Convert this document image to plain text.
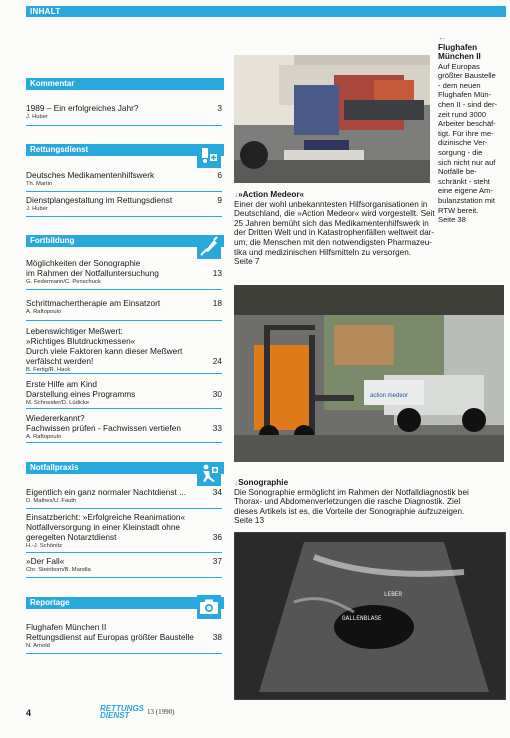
INHALT
Kommentar
1989 – Ein erfolgreiches Jahr?
J. Huber
3
Rettungsdienst
Deutsches Medikamentenhilfswerk
Th. Martin
6
Dienstplangestaltung im Rettungsdienst
J. Huber
9
Fortbildung
Möglichkeiten der Sonographie
im Rahmen der Notfalluntersuchung
G. Federmann/C. Penschuck
13
Schrittmachertherapie am Einsatzort
A. Raftopoulo
18
Lebenswichtiger Meßwert:
»Richtiges Blutdruckmessen«
Durch viele Faktoren kann dieser Meßwert
verfälscht werden!
B. Fertig/R. Hack
24
Erste Hilfe am Kind
Darstellung eines Programms
M. Schneider/D. Lüdicke
30
Wiedererkannt?
Fachwissen prüfen - Fachwissen vertiefen
A. Raftopoulo
33
Notfallpraxis
Eigentlich ein ganz normaler Nachtdienst ...
D. Mathes/U. Fauth
34
Einsatzbericht: »Erfolgreiche Reanimation«
Notfallversorgung in einer Kleinstadt ohne
geregelten Notarztdienst
H.-J. Schönitz
36
»Der Fall«
Chr. Steinborn/B. Mandla
37
Reportage
Flughafen München II
Rettungsdienst auf Europas größter Baustelle
N. Arnold
38
←
Flughafen München II
Auf Europas
größter Baustelle
- dem neuen
Flughafen Mün-
chen II - sind der-
zeit rund 3000
Arbeiter beschäf-
tigt. Für ihre me-
dizinische Ver-
sorgung - die
sich nicht nur auf
Notfälle be-
schränkt - steht
eine eigene Am-
bulanzstation mit
RTW bereit.
Seite 38
↓»Action Medeor«
Einer der wohl unbekanntesten Hilfsorganisationen in
Deutschland, die »Action Medeor« wird vorgestellt. Seit
25 Jahren bemüht sich das Medikamentenhilfswerk in
der Dritten Welt und in Katastrophenfällen weltweit dar-
um, die Menschen mit den notwendigsten Pharmazeu-
tika und medizinischen Hilfsmitteln zu versorgen.
Seite 7
action medeor
↓Sonographie
Die Sonographie ermöglicht im Rahmen der Notfalldiagnostik bei
Thorax- und Abdomenverletzungen die rasche Diagnostik. Ziel
dieses Artikels ist es, die Vorteile der Sonographie aufzuzeigen.
Seite 13
LEBER
GALLENBLASE
4	RETTUNGS
DIENST	13 (1990)
